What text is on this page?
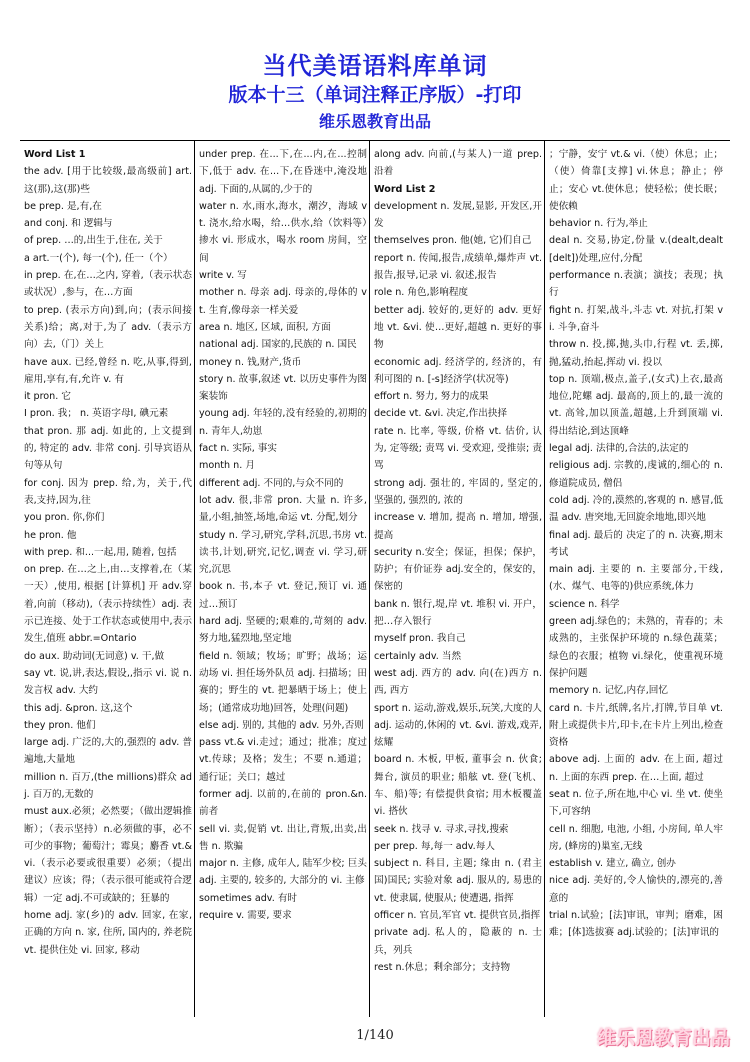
当代美语语料库单词
版本十三（单词注释正序版）-打印
维乐恩教育出品

Word List 1

the adv. [用于比较级,最高级前] art. 这(那),这(那)些

be prep. 是,有,在

and conj. 和 逻辑与

of prep. …的,出生于,住在, 关于

a art.一(个), 每一(个), 任一（个）

in prep. 在,在…之内, 穿着,（表示状态或状况）,参与，在…方面

to prep. (表示方向)到,向；(表示间接关系)给；离,对于,为了 adv.（表示方向）去,（门）关上

have aux. 已经,曾经 n. 吃,从事,得到,雇用,享有,有,允许 v. 有

it pron. 它

I pron. 我； n. 英语字母I, 碘元素

that pron. 那 adj. 如此的, 上文提到的, 特定的 adv. 非常 conj. 引导宾语从句等从句

for conj. 因为 prep. 给,为，关于,代表,支持,因为,往

you pron. 你,你们

he pron. 他

with prep. 和...一起,用, 随着, 包括

on prep. 在…之上,由…支撑着,在（某一天）,使用, 根据 [计算机] 开 adv.穿着,向前（移动),（表示持续性）adj. 表示已连接、处于工作状态或使用中,表示发生,值班 abbr.=Ontario

do aux. 助动词(无词意) v. 干,做

say vt. 说,讲,表达,假设,,指示 vi. 说 n. 发言权 adv. 大约

this adj. &pron. 这,这个

they pron. 他们

large adj. 广泛的,大的,强烈的 adv. 普遍地,大量地

million n. 百万,(the millions)群众 adj. 百万的,无数的

must aux.必须；必然要；（做出逻辑推断）；（表示坚持）n.必须做的事，必不可少的事物；葡萄汁；霉臭；麝香 vt.& vi.（表示必要或很重要）必须；（提出建议）应该；得；（表示很可能或符合逻辑）一定 adj.不可或缺的；狂暴的

home adj. 家(乡)的 adv. 回家, 在家, 正确的方向 n. 家, 住所, 国内的, 养老院 vt. 提供住处 vi. 回家, 移动

under prep. 在...下,在...内,在...控制下,低于 adv. 在...下,在昏迷中,淹没地 adj. 下面的,从属的,少于的

water n. 水,雨水,海水，潮汐，海域 vt. 浇水,给水喝，给…供水,给（饮料等）掺水 vi. 形成水，喝水 room 房间，空间

write v. 写

mother n. 母亲 adj. 母亲的,母体的 vt. 生育,像母亲一样关爱

area n. 地区, 区域, 面积, 方面

national adj. 国家的,民族的 n. 国民

money n. 钱,财产,货币

story n. 故事,叙述 vt. 以历史事件为图案装饰

young adj. 年轻的,没有经验的,初期的 n. 青年人,幼崽

fact n. 实际, 事实

month n. 月

different adj. 不同的,与众不同的

lot adv. 很,非常 pron. 大量 n. 许多,量,小组,抽签,场地,命运 vt. 分配,划分

study n. 学习,研究,学科,沉思,书房 vt. 读书,计划,研究,记忆,调查 vi. 学习,研究,沉思

book n. 书,本子 vt. 登记,预订 vi. 通过…预订

hard adj. 坚硬的;艰难的,苛刻的 adv. 努力地,猛烈地,坚定地

field n. 领域；牧场；旷野；战场；运动场 vi. 担任场外队员 adj. 扫描场；田赛的；野生的 vt. 把暴晒于场上；使上场；(通常成功地)回答，处理(问题)

else adj. 别的, 其他的 adv. 另外,否则

pass vt.& vi.走过；通过；批准；度过 vt.传球；及格；发生；不要 n.通道；通行证；关口；越过

former adj. 以前的,在前的 pron.&n. 前者

sell vi. 卖,促销 vt. 出让,背叛,出卖,出售 n. 欺骗

major n. 主修, 成年人, 陆军少校; 巨头 adj. 主要的, 较多的, 大部分的 vi. 主修

sometimes adv. 有时

require v. 需要, 要求

along adv. 向前,(与某人)一道 prep. 沿着

Word List 2

development n. 发展,显影, 开发区,开发

themselves pron. 他(她, 它)们自己

report n. 传闻,报告,成绩单,爆炸声 vt. 报告,报导,记录 vi. 叙述,报告

role n. 角色,影响程度

better adj. 较好的,更好的 adv. 更好地 vt. &vi. 使…更好,超越 n. 更好的事物

economic adj. 经济学的, 经济的，有利可图的 n. [-s]经济学(状况等)

effort n. 努力, 努力的成果

decide vt. &vi. 决定,作出抉择

rate n. 比率, 等级, 价格 vt. 估价, 认为, 定等级; 责骂 vi. 受欢迎, 受推崇; 责骂

strong adj. 强壮的, 牢固的, 坚定的, 坚强的, 强烈的, 浓的

increase v. 增加, 提高 n. 增加, 增强, 提高

security n.安全；保证，担保；保护，防护；有价证券 adj.安全的，保安的，保密的

bank n. 银行,堤,岸 vt. 堆积 vi. 开户，把…存入银行

myself pron. 我自己

certainly adv. 当然

west adj. 西方的 adv. 向(在)西方 n. 西, 西方

sport n. 运动,游戏,娱乐,玩笑,大度的人 adj. 运动的,休闲的 vt. &vi. 游戏,戏弄,炫耀

board n. 木板, 甲板, 董事会 n. 伙食; 舞台, 演员的职业; 船舷 vt. 登(飞机、车、船)等; 有偿提供食宿; 用木板覆盖 vi. 搭伙

seek n. 找寻 v. 寻求,寻找,搜索

per prep. 每,每一 adv.每人

subject n. 科目, 主题; 缘由 n. (君主国)国民; 实验对象 adj. 服从的, 易患的 vt. 使隶属, 使服从; 使遭遇, 指挥

officer n. 官员,军官 vt. 提供官员,指挥

private adj. 私人的，隐蔽的 n. 士兵，列兵

rest n.休息；剩余部分；支持物

；宁静，安宁 vt.& vi.（使）休息；止；（使）倚靠[支撑] vi.休息；静止；停止；安心 vt.使休息；使轻松；使长眠；使依赖

behavior n. 行为,举止

deal n. 交易,协定,份量 v.(dealt,dealt[delt])处理,应付,分配

performance n.表演；演技；表现；执行

fight n. 打架,战斗,斗志 vt. 对抗,打架 vi. 斗争,奋斗

throw n. 投,掷,抛,头巾,行程 vt. 丢,掷,抛,猛动,抬起,挥动 vi. 投以

top n. 顶端,极点,盖子,(女式)上衣,最高地位,陀螺 adj. 最高的,顶上的,最一流的 vt. 高耸,加以顶盖,超越,上升到顶端 vi. 得出结论,到达顶峰

legal adj. 法律的,合法的,法定的

religious adj. 宗教的,虔诚的,细心的 n. 修道院成员, 僧侣

cold adj. 冷的,漠然的,客观的 n. 感冒,低温 adv. 唐突地,无回旋余地地,即兴地

final adj. 最后的 决定了的 n. 决赛,期末考试

main adj. 主要的 n. 主要部分,干线,(水、煤气、电等的)供应系统,体力

science n. 科学

green adj.绿色的；未熟的，青春的；未成熟的，主张保护环境的 n.绿色蔬菜；绿色的衣服；植物 vi.绿化，使重视环境保护问题

memory n. 记忆,内存,回忆

card n. 卡片,纸牌,名片,打牌,节目单 vt. 附上或提供卡片,印卡,在卡片上列出,检查资格

above adj. 上面的 adv. 在上面, 超过 n. 上面的东西 prep. 在…上面, 超过

seat n. 位子,所在地,中心 vi. 坐 vt. 使坐下,可容纳

cell n. 细胞, 电池, 小组, 小房间, 单人牢房, (蜂房的)巢室,无线

establish v. 建立, 确立, 创办

nice adj. 美好的,令人愉快的,漂亮的,善意的

trial n.试验；[法]审讯，审判；磨难，困难；[体]选拔赛 adj.试验的；[法]审讯的

1/140	维乐恩教育出品
